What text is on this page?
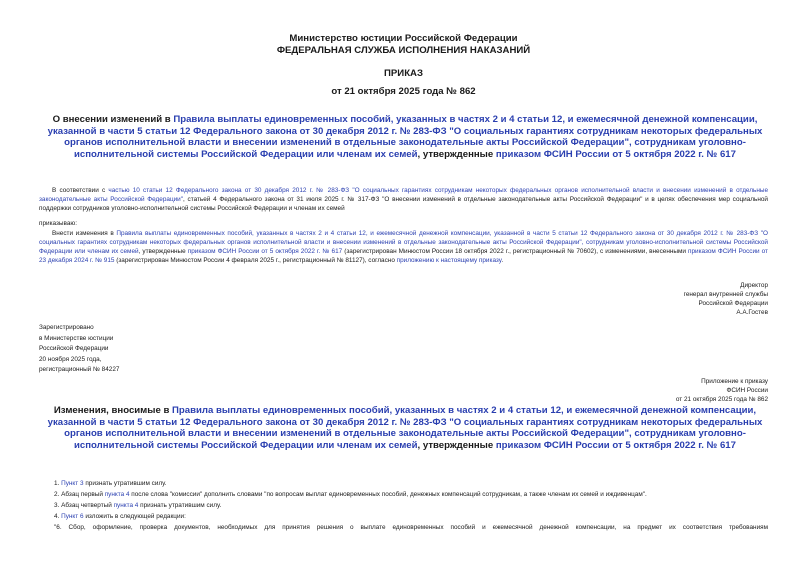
Министерство юстиции Российской Федерации
ФЕДЕРАЛЬНАЯ СЛУЖБА ИСПОЛНЕНИЯ НАКАЗАНИЙ
ПРИКАЗ
от 21 октября 2025 года № 862
О внесении изменений в Правила выплаты единовременных пособий, указанных в частях 2 и 4 статьи 12, и ежемесячной денежной компенсации, указанной в части 5 статьи 12 Федерального закона от 30 декабря 2012 г. № 283-ФЗ "О социальных гарантиях сотрудникам некоторых федеральных органов исполнительной власти и внесении изменений в отдельные законодательные акты Российской Федерации", сотрудникам уголовно-исполнительной системы Российской Федерации или членам их семей, утвержденные приказом ФСИН России от 5 октября 2022 г. № 617
В соответствии с частью 10 статьи 12 Федерального закона от 30 декабря 2012 г. № 283-ФЗ "О социальных гарантиях сотрудникам некоторых федеральных органов исполнительной власти и внесении изменений в отдельные законодательные акты Российской Федерации", статьей 4 Федерального закона от 31 июля 2025 г. № 317-ФЗ "О внесении изменений в отдельные законодательные акты Российской Федерации" и в целях обеспечения мер социальной поддержки сотрудников уголовно-исполнительной системы Российской Федерации и членам их семей
приказываю:
Внести изменения в Правила выплаты единовременных пособий, указанных в частях 2 и 4 статьи 12, и ежемесячной денежной компенсации, указанной в части 5 статьи 12 Федерального закона от 30 декабря 2012 г. № 283-ФЗ "О социальных гарантиях сотрудникам некоторых федеральных органов исполнительной власти и внесении изменений в отдельные законодательные акты Российской Федерации", сотрудникам уголовно-исполнительной системы Российской Федерации или членам их семей, утвержденные приказом ФСИН России от 5 октября 2022 г. № 617 (зарегистрирован Минюстом России 18 октября 2022 г., регистрационный № 70602), с изменениями, внесенными приказом ФСИН России от 23 декабря 2024 г. № 915 (зарегистрирован Минюстом России 4 февраля 2025 г., регистрационный № 81127), согласно приложению к настоящему приказу.
Директор
генерал внутренней службы
Российской Федерации
А.А.Гостев
Зарегистрировано
в Министерстве юстиции
Российской Федерации
20 ноября 2025 года,
регистрационный № 84227
Приложение к приказу
ФСИН России
от 21 октября 2025 года № 862
Изменения, вносимые в Правила выплаты единовременных пособий, указанных в частях 2 и 4 статьи 12, и ежемесячной денежной компенсации, указанной в части 5 статьи 12 Федерального закона от 30 декабря 2012 г. № 283-ФЗ "О социальных гарантиях сотрудникам некоторых федеральных органов исполнительной власти и внесении изменений в отдельные законодательные акты Российской Федерации", сотрудникам уголовно-исполнительной системы Российской Федерации или членам их семей, утвержденные приказом ФСИН России от 5 октября 2022 г. № 617
1. Пункт 3 признать утратившим силу.
2. Абзац первый пункта 4 после слова "комиссии" дополнить словами "по вопросам выплат единовременных пособий, денежных компенсаций сотрудникам, а также членам их семей и иждивенцам".
3. Абзац четвертый пункта 4 признать утратившим силу.
4. Пункт 6 изложить в следующей редакции:
"6. Сбор, оформление, проверка документов, необходимых для принятия решения о выплате единовременных пособий и ежемесячной денежной компенсации, на предмет их соответствия требованиям
